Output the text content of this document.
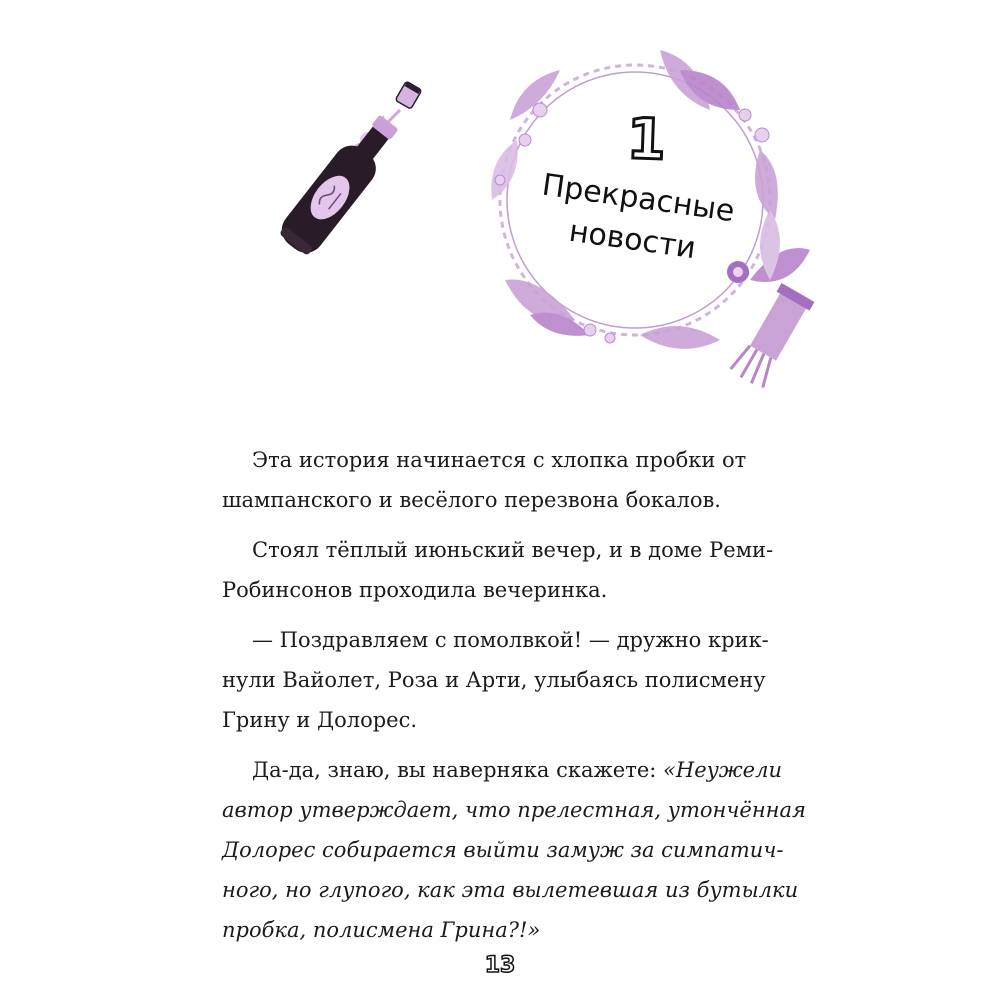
1
Прекрасные
новости
Эта история начинается с хлопка пробки от
шампанского и весёлого перезвона бокалов.
Стоял тёплый июньский вечер, и в доме Реми-
Робинсонов проходила вечеринка.
— Поздравляем с помолвкой! — дружно крик-
нули Вайолет, Роза и Арти, улыбаясь полисмену
Грину и Долорес.
Да-да, знаю, вы наверняка скажете: «Неужели
автор утверждает, что прелестная, утончённая
Долорес собирается выйти замуж за симпатич-
ного, но глупого, как эта вылетевшая из бутылки
пробка, полисмена Грина?!»
13
